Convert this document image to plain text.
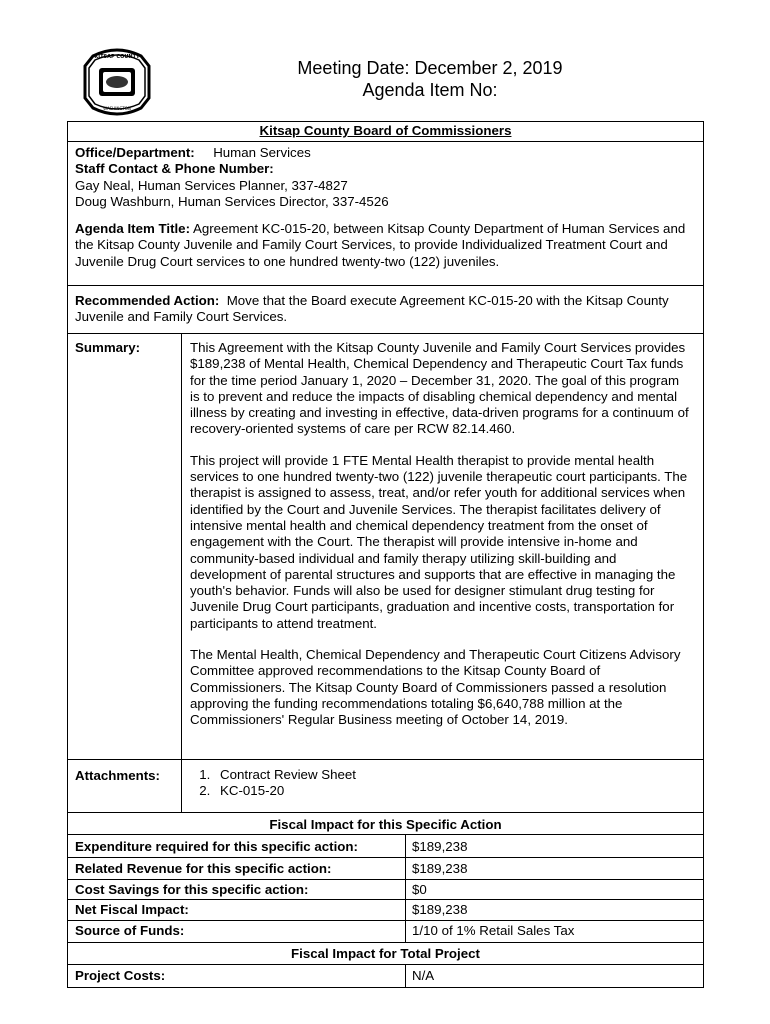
KITSAP COUNTY
WASHINGTON
Meeting Date: December 2, 2019
Agenda Item No:
Kitsap County Board of Commissioners
Office/Department: Human Services
Staff Contact & Phone Number:
Gay Neal, Human Services Planner, 337-4827
Doug Washburn, Human Services Director, 337-4526
Agenda Item Title: Agreement KC-015-20, between Kitsap County Department of Human Services and the Kitsap County Juvenile and Family Court Services, to provide Individualized Treatment Court and Juvenile Drug Court services to one hundred twenty-two (122) juveniles.
Recommended Action: Move that the Board execute Agreement KC-015-20 with the Kitsap County Juvenile and Family Court Services.
Summary:	This Agreement with the Kitsap County Juvenile and Family Court Services provides $189,238 of Mental Health, Chemical Dependency and Therapeutic Court Tax funds for the time period January 1, 2020 – December 31, 2020. The goal of this program is to prevent and reduce the impacts of disabling chemical dependency and mental illness by creating and investing in effective, data-driven programs for a continuum of recovery-oriented systems of care per RCW 82.14.460.

This project will provide 1 FTE Mental Health therapist to provide mental health services to one hundred twenty-two (122) juvenile therapeutic court participants. The therapist is assigned to assess, treat, and/or refer youth for additional services when identified by the Court and Juvenile Services. The therapist facilitates delivery of intensive mental health and chemical dependency treatment from the onset of engagement with the Court. The therapist will provide intensive in-home and community-based individual and family therapy utilizing skill-building and development of parental structures and supports that are effective in managing the youth's behavior. Funds will also be used for designer stimulant drug testing for Juvenile Drug Court participants, graduation and incentive costs, transportation for participants to attend treatment.

The Mental Health, Chemical Dependency and Therapeutic Court Citizens Advisory Committee approved recommendations to the Kitsap County Board of Commissioners. The Kitsap County Board of Commissioners passed a resolution approving the funding recommendations totaling $6,640,788 million at the Commissioners' Regular Business meeting of October 14, 2019.

Attachments:
1.	Contract Review Sheet
2. KC-015-20
Fiscal Impact for this Specific Action
Expenditure required for this specific action:	$189,238
Related Revenue for this specific action:	$189,238
Cost Savings for this specific action:	$0
Net Fiscal Impact:	$189,238
Source of Funds:	1/10 of 1% Retail Sales Tax
Fiscal Impact for Total Project
Project Costs:	N/A
